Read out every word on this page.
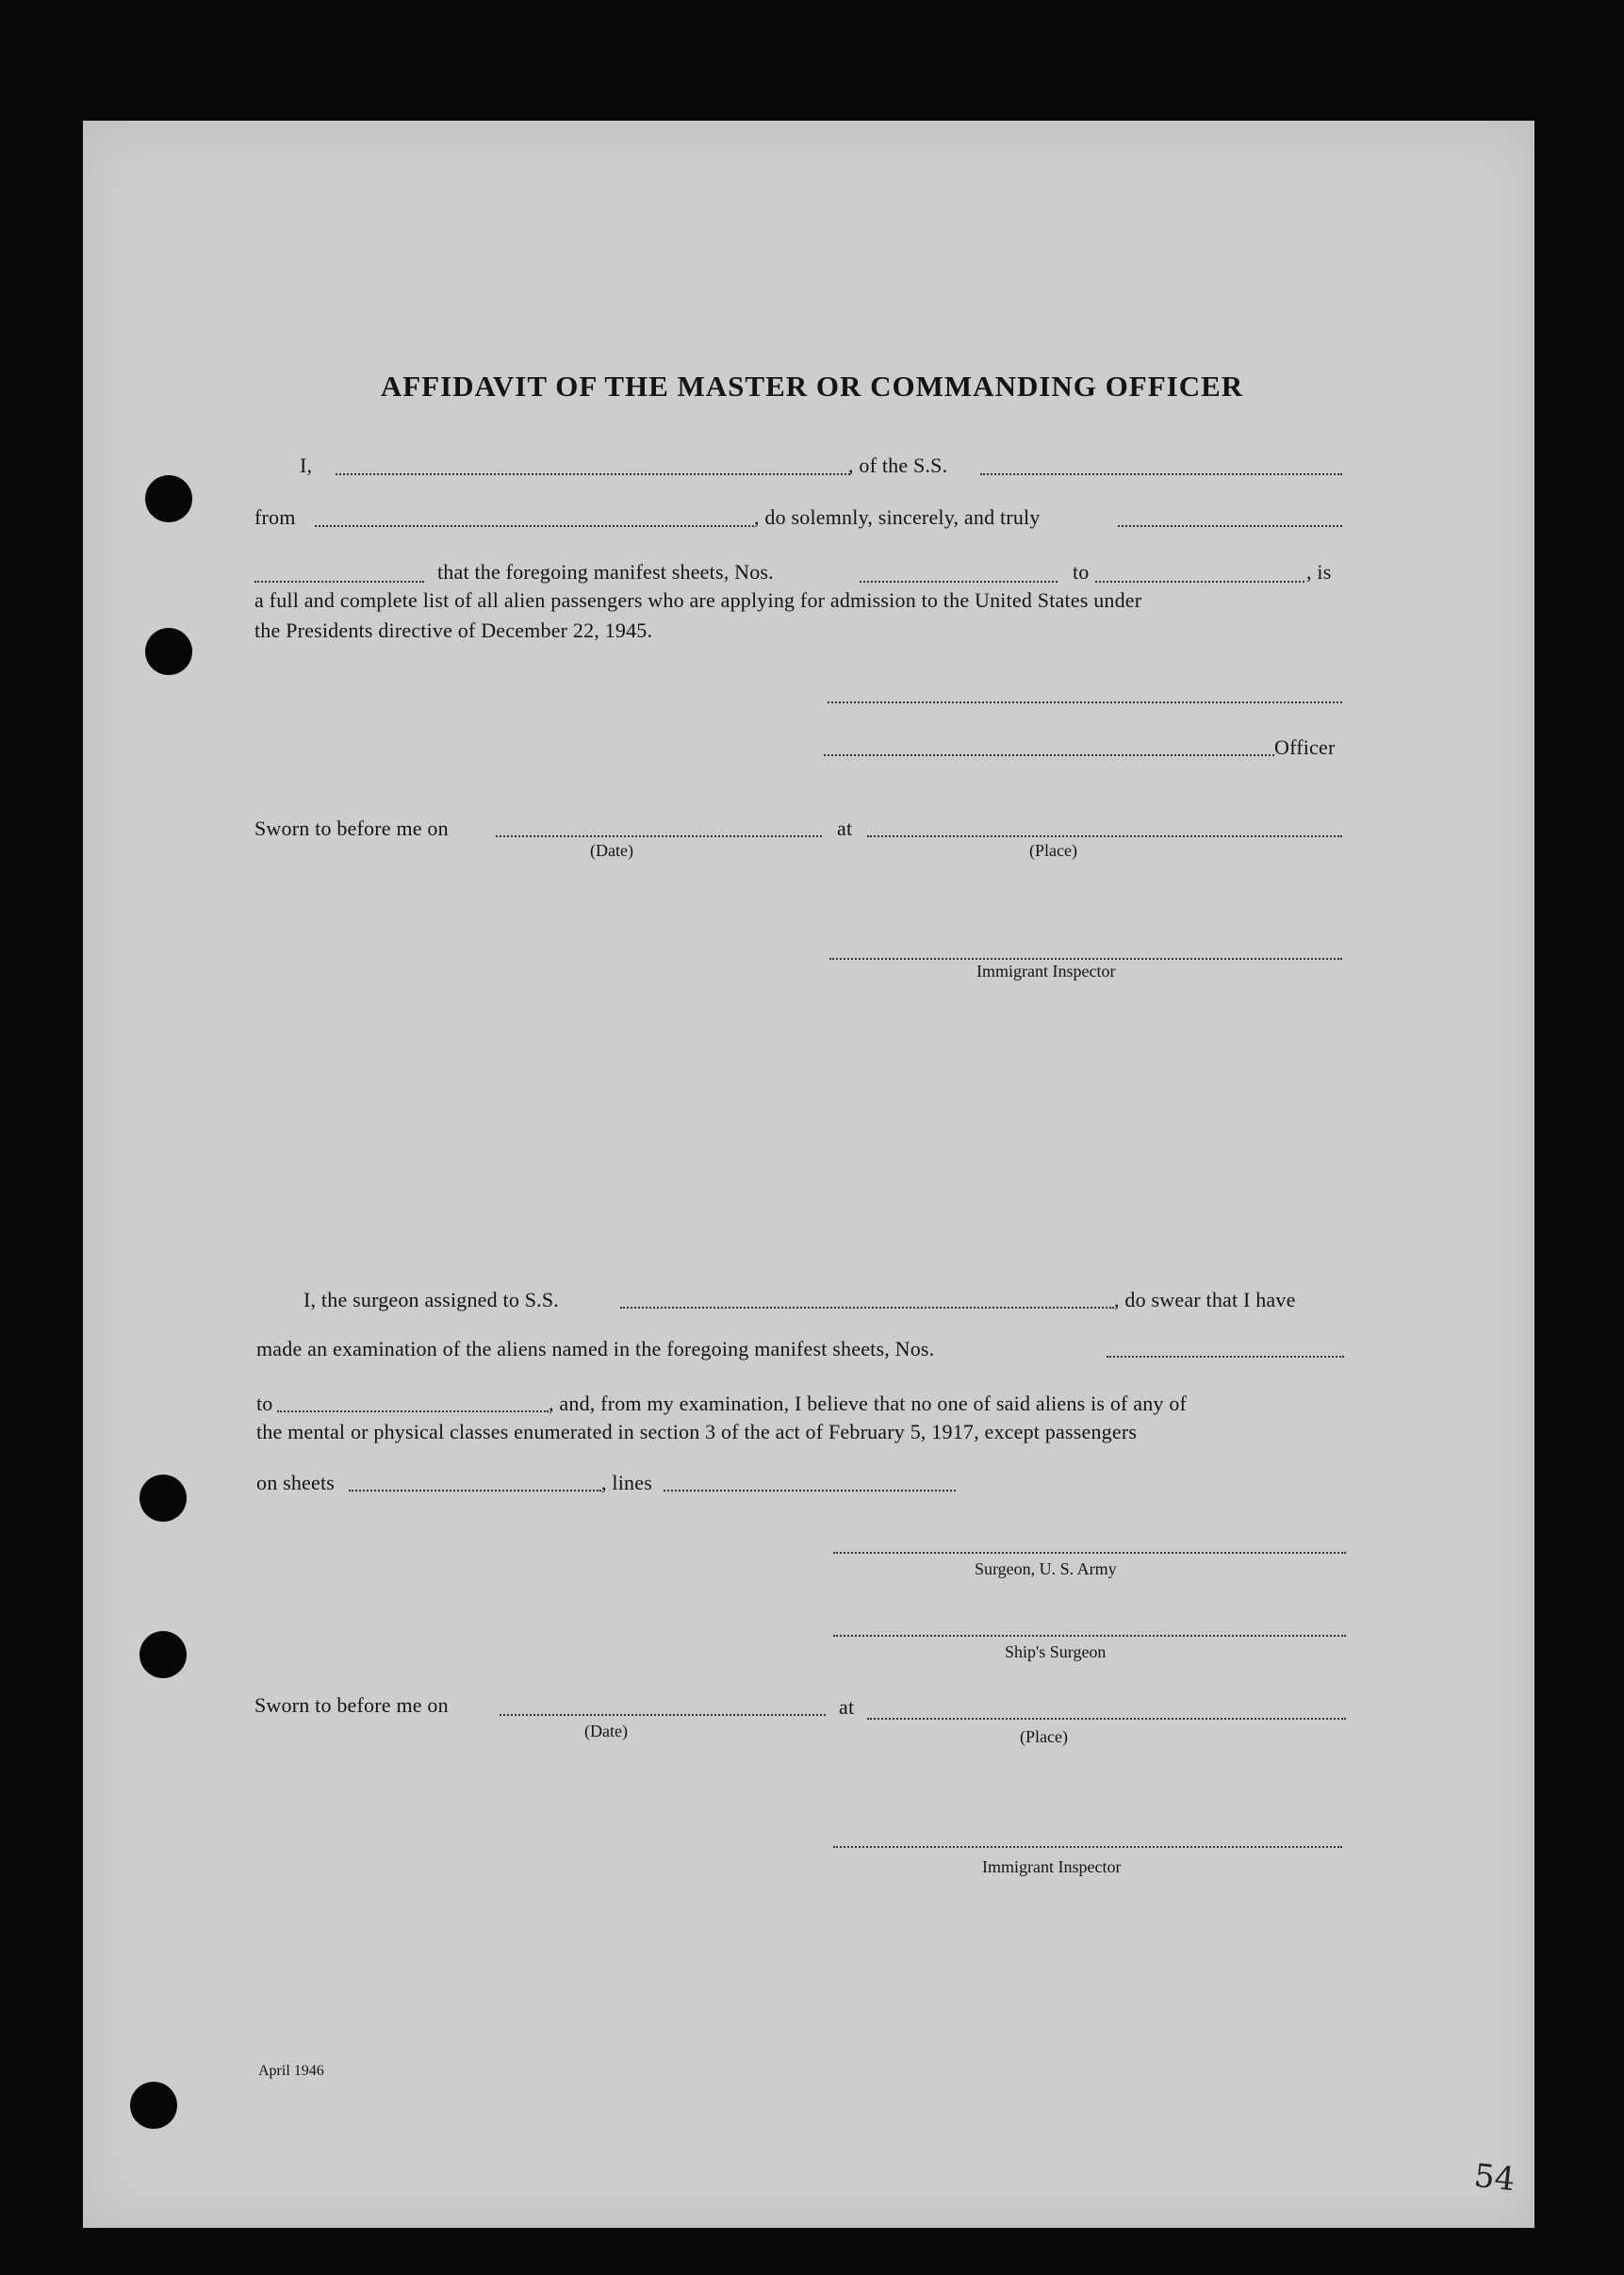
AFFIDAVIT OF THE MASTER OR COMMANDING OFFICER
I,	, of the S.S.
from	, do solemnly, sincerely, and truly
that the foregoing manifest sheets, Nos.	to	, is
a full and complete list of all alien passengers who are applying for admission to the United States under
the Presidents directive of December 22, 1945.
Officer
Sworn to before me on	at
(Date)	(Place)
Immigrant Inspector
I, the surgeon assigned to S.S.	, do swear that I have
made an examination of the aliens named in the foregoing manifest sheets, Nos.
to	, and, from my examination, I believe that no one of said aliens is of any of
the mental or physical classes enumerated in section 3 of the act of February 5, 1917, except passengers
on sheets	, lines
Surgeon, U. S. Army
Ship's Surgeon
Sworn to before me on	at
(Date)	(Place)
Immigrant Inspector
April 1946
54
